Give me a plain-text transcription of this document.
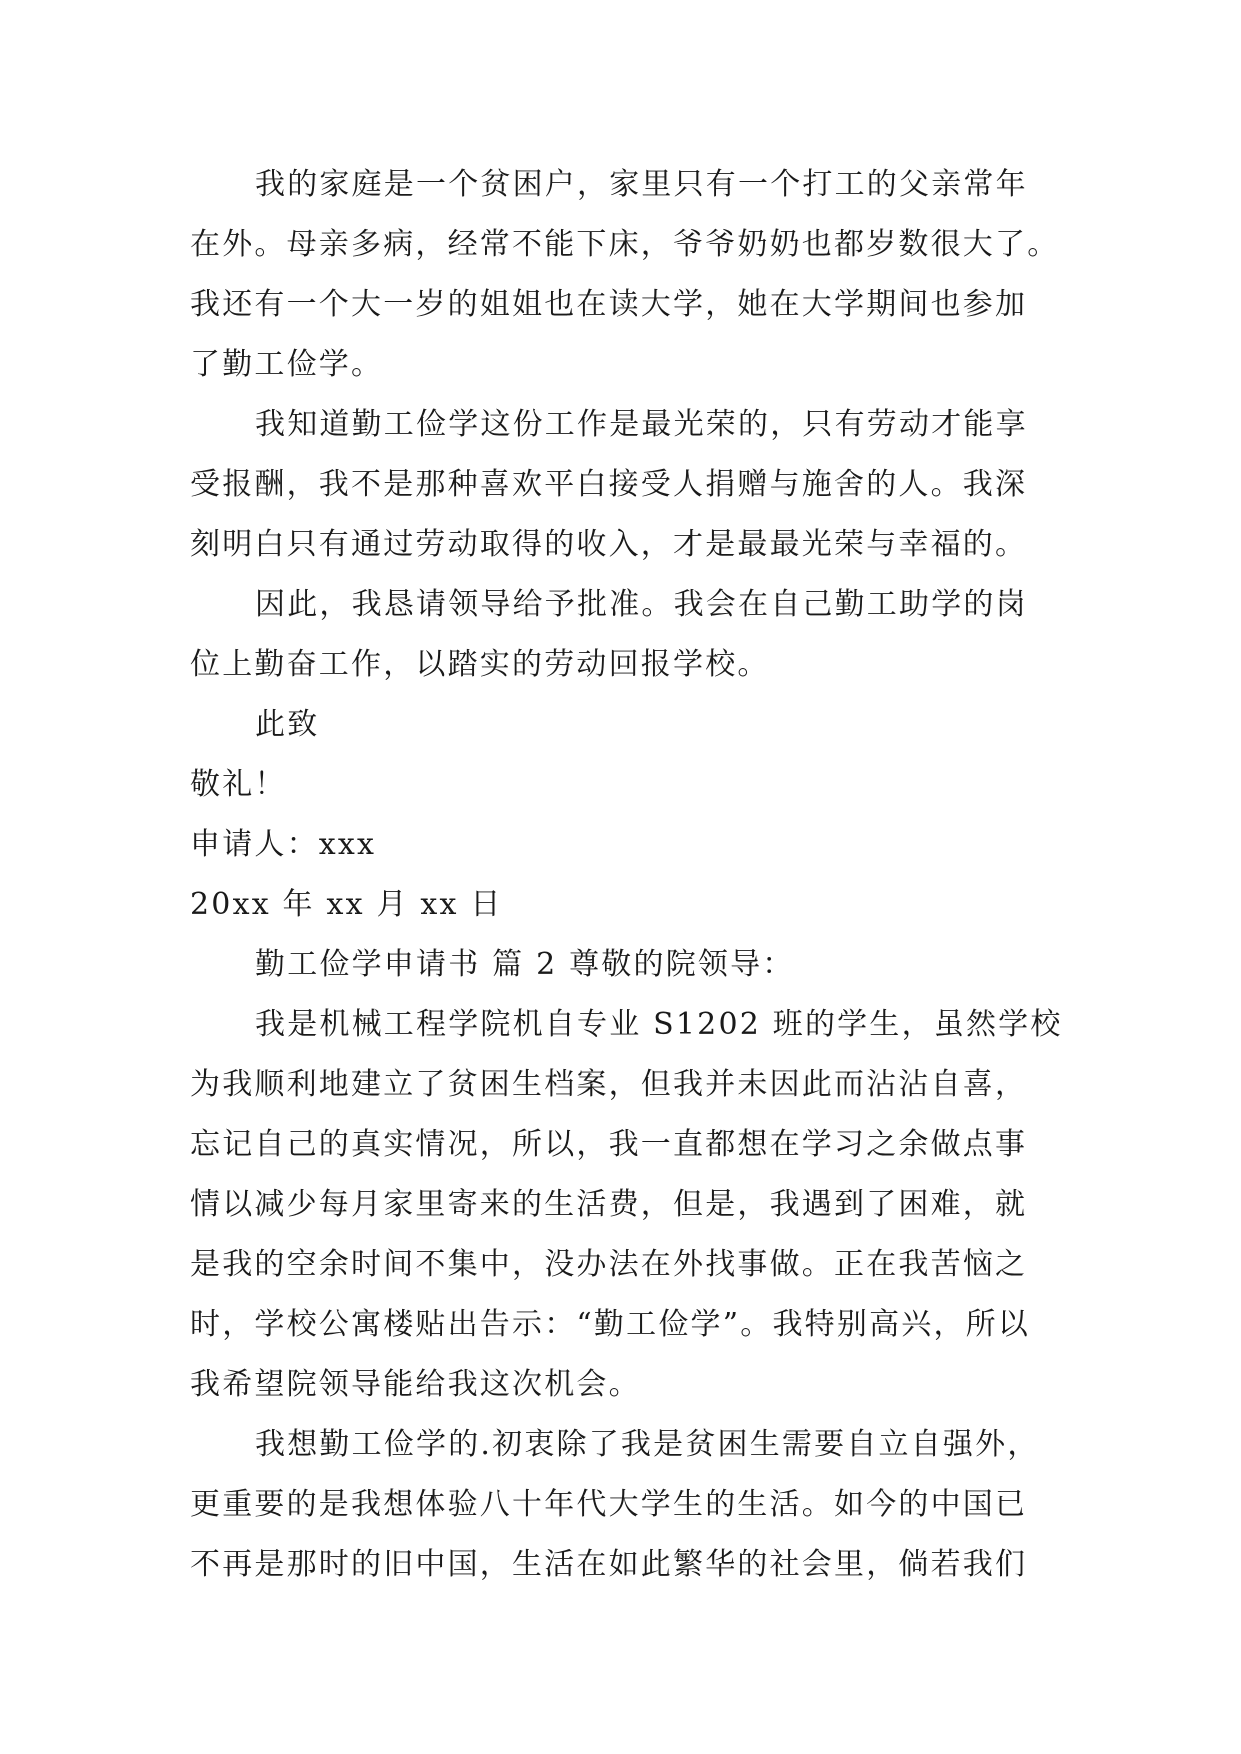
我的家庭是一个贫困户，家里只有一个打工的父亲常年
在外。母亲多病，经常不能下床，爷爷奶奶也都岁数很大了。
我还有一个大一岁的姐姐也在读大学，她在大学期间也参加
了勤工俭学。
我知道勤工俭学这份工作是最光荣的，只有劳动才能享
受报酬，我不是那种喜欢平白接受人捐赠与施舍的人。我深
刻明白只有通过劳动取得的收入，才是最最光荣与幸福的。
因此，我恳请领导给予批准。我会在自己勤工助学的岗
位上勤奋工作，以踏实的劳动回报学校。
此致
敬礼！
申请人：xxx
20xx 年 xx 月 xx 日
勤工俭学申请书 篇 2 尊敬的院领导：
我是机械工程学院机自专业 S1202 班的学生，虽然学校
为我顺利地建立了贫困生档案，但我并未因此而沾沾自喜，
忘记自己的真实情况，所以，我一直都想在学习之余做点事
情以减少每月家里寄来的生活费，但是，我遇到了困难，就
是我的空余时间不集中，没办法在外找事做。正在我苦恼之
时，学校公寓楼贴出告示：“勤工俭学”。我特别高兴，所以
我希望院领导能给我这次机会。
我想勤工俭学的.初衷除了我是贫困生需要自立自强外，
更重要的是我想体验八十年代大学生的生活。如今的中国已
不再是那时的旧中国，生活在如此繁华的社会里，倘若我们
